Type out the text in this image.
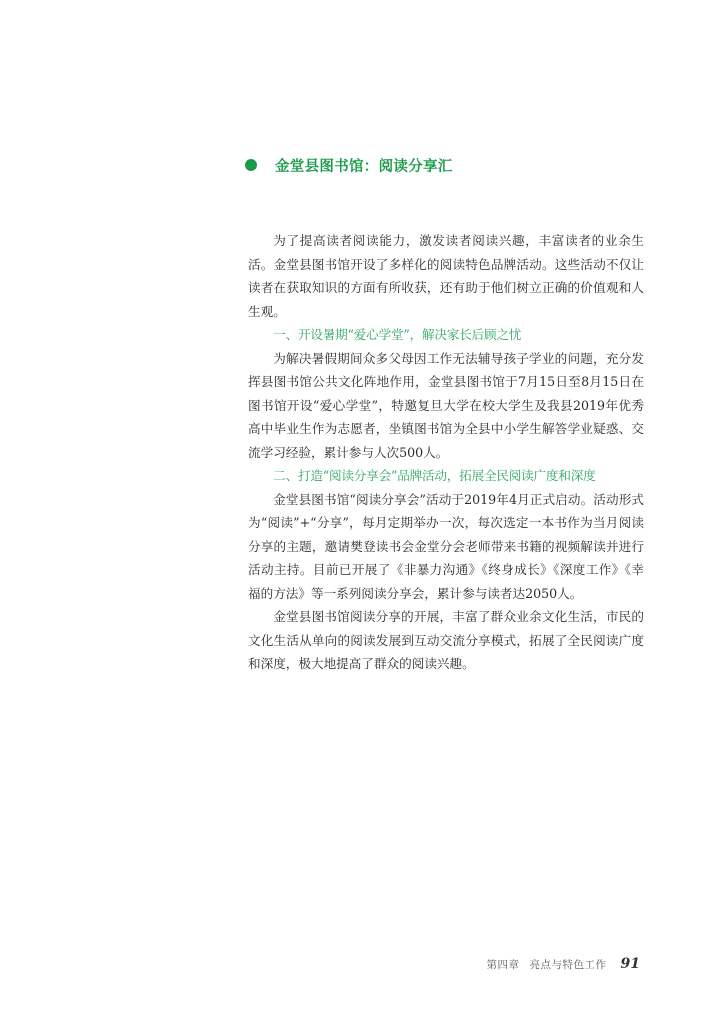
金堂县图书馆：阅读分享汇

为了提高读者阅读能力，激发读者阅读兴趣，丰富读者的业余生活。金堂县图书馆开设了多样化的阅读特色品牌活动。这些活动不仅让读者在获取知识的方面有所收获，还有助于他们树立正确的价值观和人生观。

一、开设暑期“爱心学堂”，解决家长后顾之忧

为解决暑假期间众多父母因工作无法辅导孩子学业的问题，充分发挥县图书馆公共文化阵地作用，金堂县图书馆于7月15日至8月15日在图书馆开设“爱心学堂”，特邀复旦大学在校大学生及我县2019年优秀高中毕业生作为志愿者，坐镇图书馆为全县中小学生解答学业疑惑、交流学习经验，累计参与人次500人。

二、打造“阅读分享会”品牌活动，拓展全民阅读广度和深度

金堂县图书馆“阅读分享会”活动于2019年4月正式启动。活动形式为“阅读”+“分享”，每月定期举办一次，每次选定一本书作为当月阅读分享的主题，邀请樊登读书会金堂分会老师带来书籍的视频解读并进行活动主持。目前已开展了《非暴力沟通》《终身成长》《深度工作》《幸福的方法》等一系列阅读分享会，累计参与读者达2050人。

金堂县图书馆阅读分享的开展，丰富了群众业余文化生活，市民的文化生活从单向的阅读发展到互动交流分享模式，拓展了全民阅读广度和深度，极大地提高了群众的阅读兴趣。

第四章 亮点与特色工作 91
